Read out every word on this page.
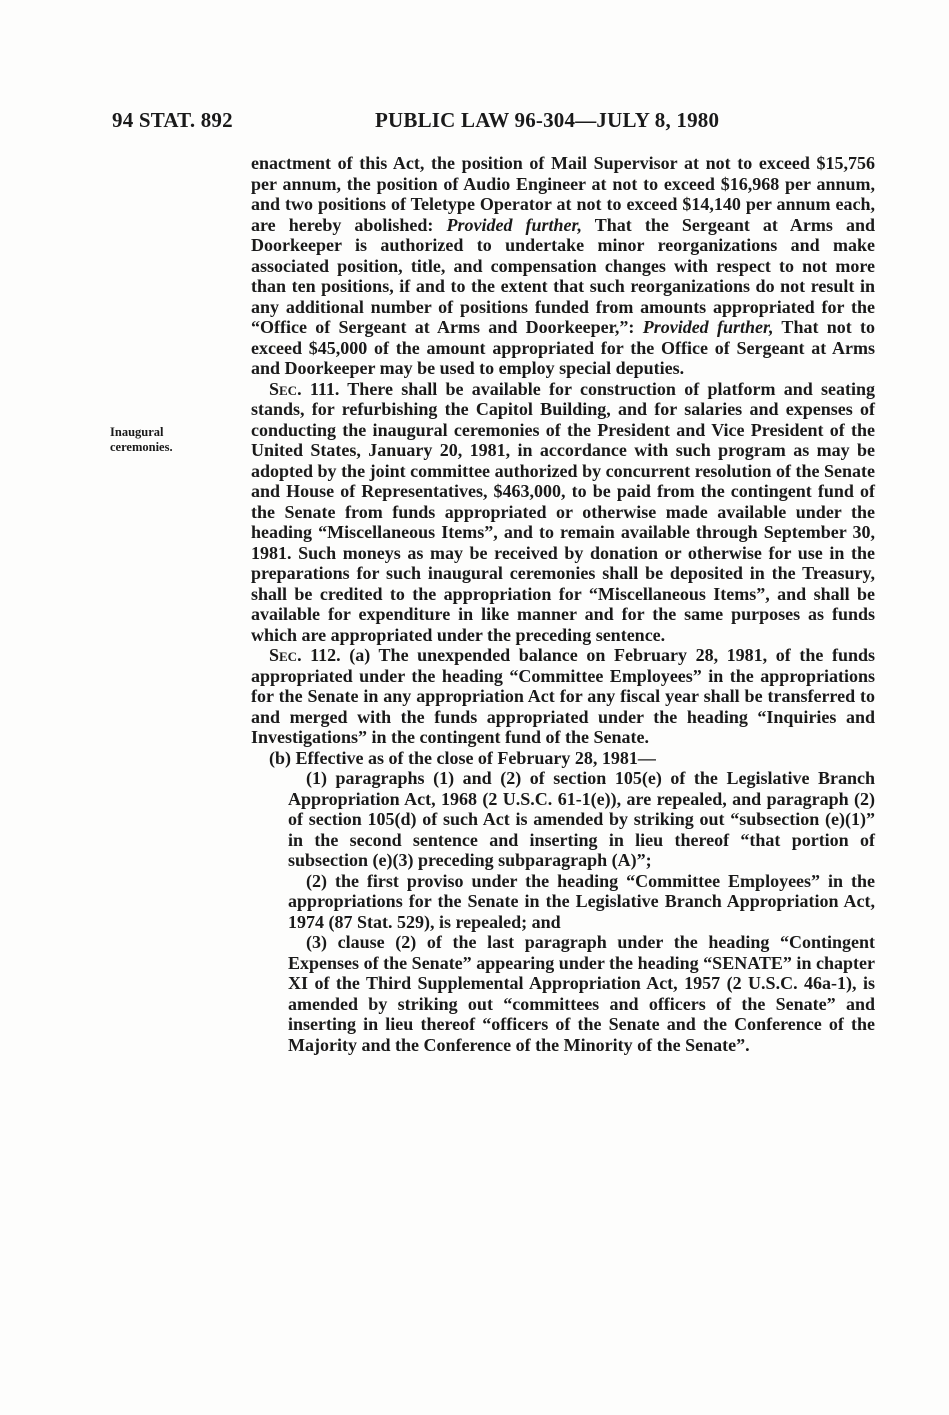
94 STAT. 892	PUBLIC LAW 96-304—JULY 8, 1980
Inaugural
ceremonies.

enactment of this Act, the position of Mail Supervisor at not to exceed $15,756 per annum, the position of Audio Engineer at not to exceed $16,968 per annum, and two positions of Teletype Operator at not to exceed $14,140 per annum each, are hereby abolished: Provided further, That the Sergeant at Arms and Doorkeeper is authorized to undertake minor reorganizations and make associated position, title, and compensation changes with respect to not more than ten positions, if and to the extent that such reorganizations do not result in any additional number of positions funded from amounts appropriated for the “Office of Sergeant at Arms and Doorkeeper,”: Provided further, That not to exceed $45,000 of the amount appropriated for the Office of Sergeant at Arms and Doorkeeper may be used to employ special deputies.

Sec. 111. There shall be available for construction of platform and seating stands, for refurbishing the Capitol Building, and for salaries and expenses of conducting the inaugural ceremonies of the President and Vice President of the United States, January 20, 1981, in accordance with such program as may be adopted by the joint committee authorized by concurrent resolution of the Senate and House of Representatives, $463,000, to be paid from the contingent fund of the Senate from funds appropriated or otherwise made available under the heading “Miscellaneous Items”, and to remain available through September 30, 1981. Such moneys as may be received by donation or otherwise for use in the preparations for such inaugural ceremonies shall be deposited in the Treasury, shall be credited to the appropriation for “Miscellaneous Items”, and shall be available for expenditure in like manner and for the same purposes as funds which are appropriated under the preceding sentence.

Sec. 112. (a) The unexpended balance on February 28, 1981, of the funds appropriated under the heading “Committee Employees” in the appropriations for the Senate in any appropriation Act for any fiscal year shall be transferred to and merged with the funds appropriated under the heading “Inquiries and Investigations” in the contingent fund of the Senate.

(b) Effective as of the close of February 28, 1981—

(1) paragraphs (1) and (2) of section 105(e) of the Legislative Branch Appropriation Act, 1968 (2 U.S.C. 61-1(e)), are repealed, and paragraph (2) of section 105(d) of such Act is amended by striking out “subsection (e)(1)” in the second sentence and inserting in lieu thereof “that portion of subsection (e)(3) preceding subparagraph (A)”;

(2) the first proviso under the heading “Committee Employees” in the appropriations for the Senate in the Legislative Branch Appropriation Act, 1974 (87 Stat. 529), is repealed; and

(3) clause (2) of the last paragraph under the heading “Contingent Expenses of the Senate” appearing under the heading “SENATE” in chapter XI of the Third Supplemental Appropriation Act, 1957 (2 U.S.C. 46a-1), is amended by striking out “committees and officers of the Senate” and inserting in lieu thereof “officers of the Senate and the Conference of the Majority and the Conference of the Minority of the Senate”.
